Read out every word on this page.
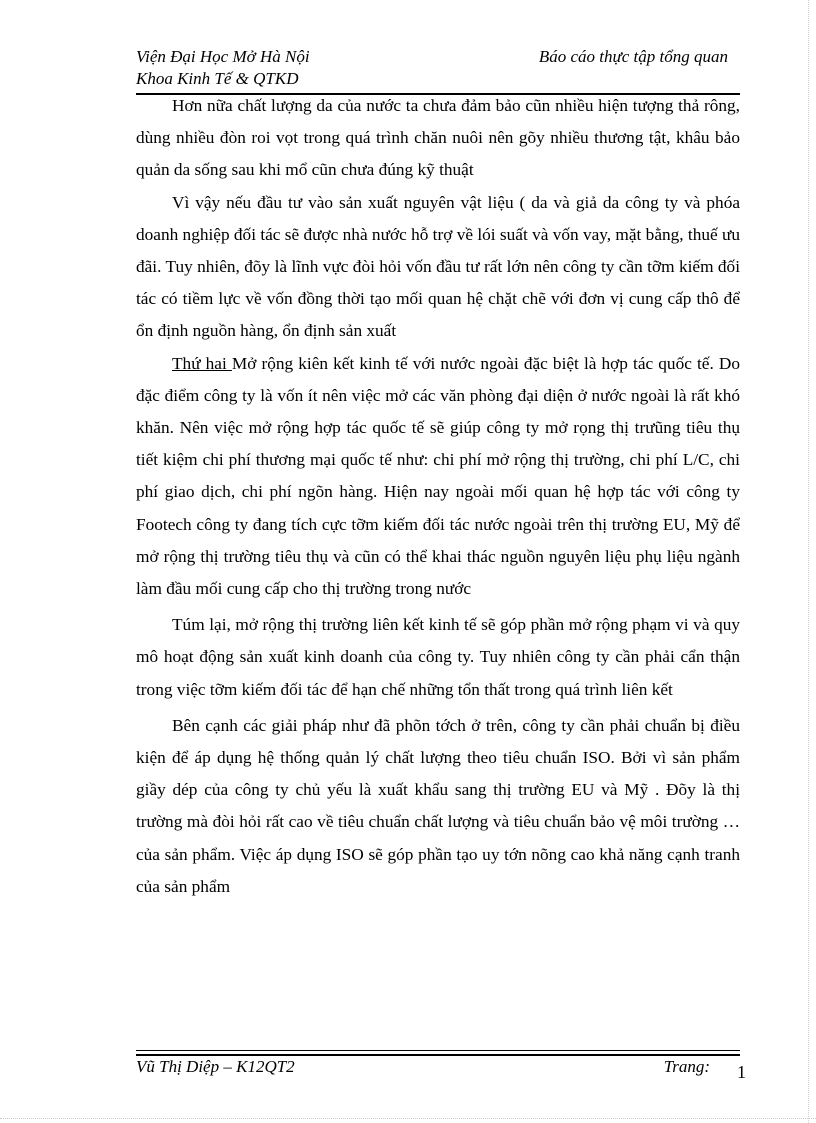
Viện Đại Học Mở Hà Nội	Báo cáo thực tập tổng quan
Khoa Kinh Tế & QTKD

Hơn nữa chất lượng da của nước ta chưa đảm bảo cũn nhiều hiện tượng thả rông, dùng nhiều đòn roi vọt trong quá trình chăn nuôi nên gõy nhiều thương tật, khâu bảo quản da sống sau khi mổ cũn chưa đúng kỹ thuật

Vì vậy nếu đầu tư vào sản xuất nguyên vật liệu ( da và giả da công ty và phóa doanh nghiệp đối tác sẽ được nhà nước hỗ trợ về lói suất và vốn vay, mặt bằng, thuế ưu đãi. Tuy nhiên, đõy là lĩnh vực đòi hỏi vốn đầu tư rất lớn nên công ty cần tỡm kiếm đối tác có tiềm lực về vốn đồng thời tạo mối quan hệ chặt chẽ với đơn vị cung cấp thô để ổn định nguồn hàng, ổn định sản xuất

Thứ hai Mở rộng kiên kết kinh tế với nước ngoài đặc biệt là hợp tác quốc tế. Do đặc điểm công ty là vốn ít nên việc mở các văn phòng đại diện ở nước ngoài là rất khó khăn. Nên việc mở rộng hợp tác quốc tế sẽ giúp công ty mở rọng thị trưũng tiêu thụ tiết kiệm chi phí thương mại quốc tế như: chi phí mở rộng thị trường, chi phí L/C, chi phí giao dịch, chi phí ngõn hàng. Hiện nay ngoài mối quan hệ hợp tác với công ty Footech công ty đang tích cực tỡm kiếm đối tác nước ngoài trên thị trường EU, Mỹ để mở rộng thị trường tiêu thụ và cũn có thể khai thác nguồn nguyên liệu phụ liệu ngành làm đầu mối cung cấp cho thị trường trong nước

Túm lại, mở rộng thị trường liên kết kinh tế sẽ góp phần mở rộng phạm vi và quy mô hoạt động sản xuất kinh doanh của công ty. Tuy nhiên công ty cần phải cẩn thận trong việc tỡm kiếm đối tác để hạn chế những tổn thất trong quá trình liên kết

Bên cạnh các giải pháp như đã phõn tớch ở trên, công ty cần phải chuẩn bị điều kiện để áp dụng hệ thống quản lý chất lượng theo tiêu chuẩn ISO. Bởi vì sản phẩm giầy dép của công ty chủ yếu là xuất khẩu sang thị trường EU và Mỹ . Đõy là thị trường mà đòi hỏi rất cao về tiêu chuẩn chất lượng và tiêu chuẩn bảo vệ môi trường …của sản phẩm. Việc áp dụng ISO sẽ góp phần tạo uy tớn nõng cao khả năng cạnh tranh của sản phẩm

Vũ Thị Diệp – K12QT2	Trang: 1
